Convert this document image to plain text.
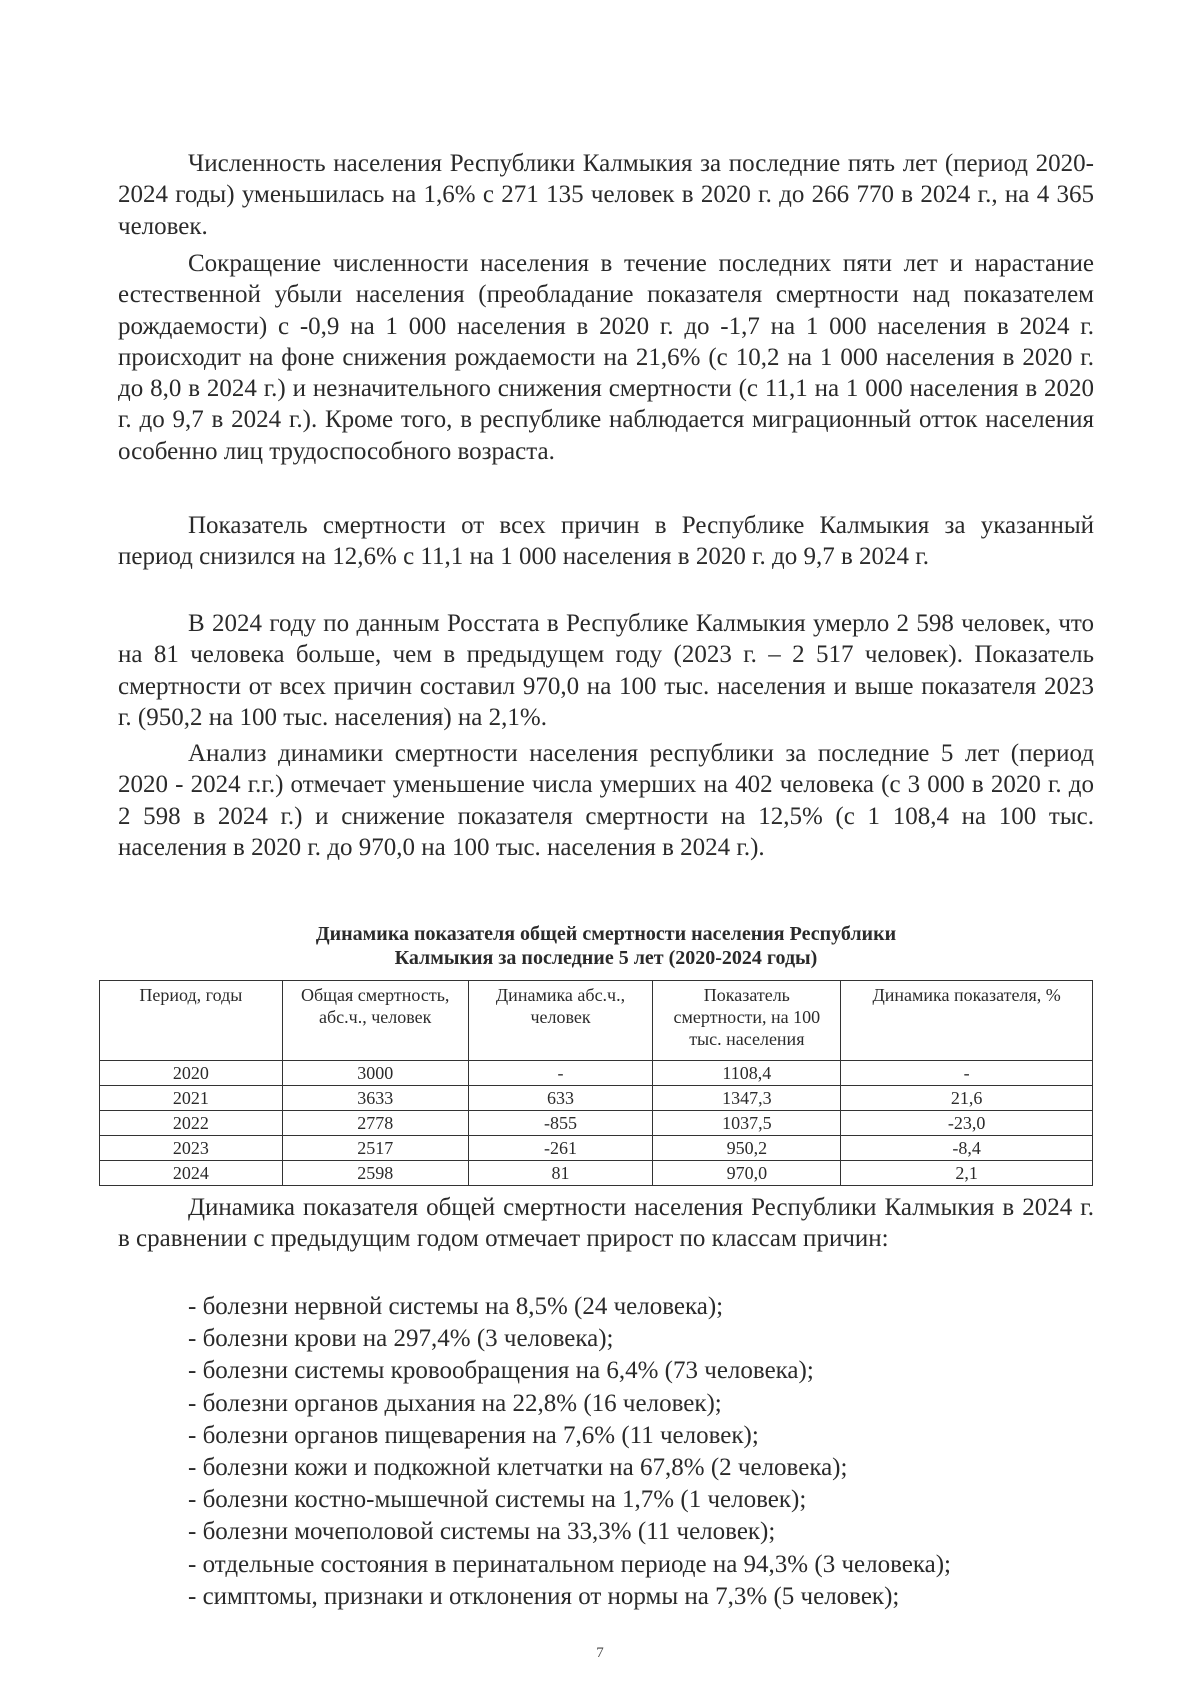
Численность населения Республики Калмыкия за последние пять лет (период 2020-2024 годы) уменьшилась на 1,6% с 271 135 человек в 2020 г. до 266 770 в 2024 г., на 4 365 человек.

Сокращение численности населения в течение последних пяти лет и нарастание естественной убыли населения (преобладание показателя смертности над показателем рождаемости) с -0,9 на 1 000 населения в 2020 г. до -1,7 на 1 000 населения в 2024 г. происходит на фоне снижения рождаемости на 21,6% (с 10,2 на 1 000 населения в 2020 г. до 8,0 в 2024 г.) и незначительного снижения смертности (с 11,1 на 1 000 населения в 2020 г. до 9,7 в 2024 г.). Кроме того, в республике наблюдается миграционный отток населения особенно лиц трудоспособного возраста.

Показатель смертности от всех причин в Республике Калмыкия за указанный период снизился на 12,6% с 11,1 на 1 000 населения в 2020 г. до 9,7 в 2024 г.

В 2024 году по данным Росстата в Республике Калмыкия умерло 2 598 человек, что на 81 человека больше, чем в предыдущем году (2023 г. – 2 517 человек). Показатель смертности от всех причин составил 970,0 на 100 тыс. населения и выше показателя 2023 г. (950,2 на 100 тыс. населения) на 2,1%.

Анализ динамики смертности населения республики за последние 5 лет (период 2020 - 2024 г.г.) отмечает уменьшение числа умерших на 402 человека (с 3 000 в 2020 г. до 2 598 в 2024 г.) и снижение показателя смертности на 12,5% (с 1 108,4 на 100 тыс. населения в 2020 г. до 970,0 на 100 тыс. населения в 2024 г.).

Динамика показателя общей смертности населения Республики
Калмыкия за последние 5 лет (2020-2024 годы)
Период, годы	Общая смертность, абс.ч., человек	Динамика абс.ч., человек	Показатель смертности, на 100 тыс. населения	Динамика показателя, %
2020	3000	-	1108,4	-
2021	3633	633	1347,3	21,6
2022	2778	-855	1037,5	-23,0
2023	2517	-261	950,2	-8,4
2024	2598	81	970,0	2,1

Динамика показателя общей смертности населения Республики Калмыкия в 2024 г. в сравнении с предыдущим годом отмечает прирост по классам причин:

- болезни нервной системы на 8,5% (24 человека);
- болезни крови на 297,4% (3 человека);
- болезни системы кровообращения на 6,4% (73 человека);
- болезни органов дыхания на 22,8% (16 человек);
- болезни органов пищеварения на 7,6% (11 человек);
- болезни кожи и подкожной клетчатки на 67,8% (2 человека);
- болезни костно-мышечной системы на 1,7% (1 человек);
- болезни мочеполовой системы на 33,3% (11 человек);
- отдельные состояния в перинатальном периоде на 94,3% (3 человека);
- симптомы, признаки и отклонения от нормы на 7,3% (5 человек);
7
